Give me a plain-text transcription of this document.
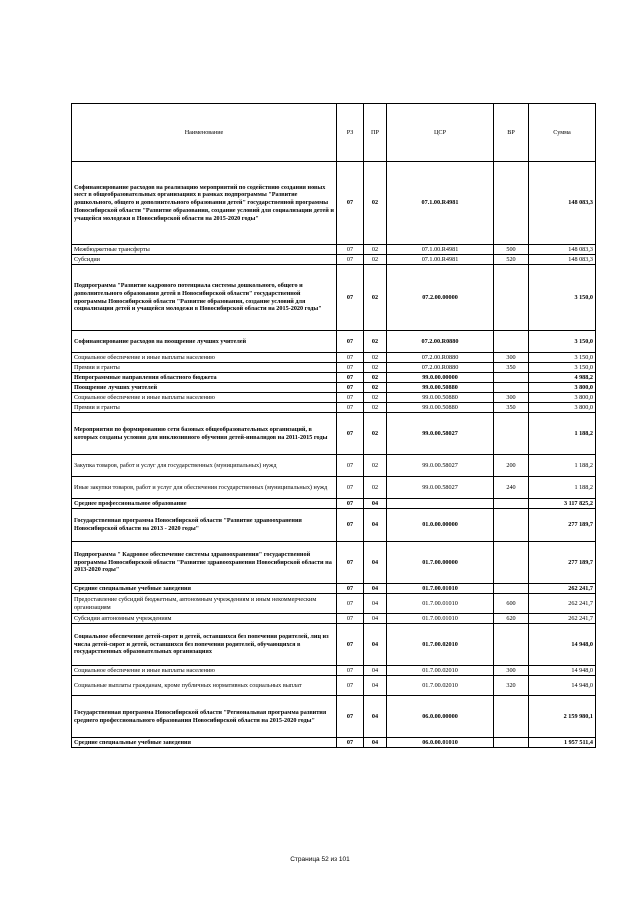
Наименование	РЗ	ПР	ЦСР	ВР	Сумма
Софинансирование расходов на реализацию мероприятий по содействию создания новых мест в общеобразовательных организациях в рамках подпрограммы "Развитие дошкольного, общего и дополнительного образования детей" государственной программы Новосибирской области "Развитие образования, создание условий для социализации детей и учащейся молодежи в Новосибирской области на 2015-2020 годы"	07	02	07.1.00.R4981		148 083,3
Межбюджетные трансферты	07	02	07.1.00.R4981	500	148 083,3
Субсидии	07	02	07.1.00.R4981	520	148 083,3
Подпрограмма "Развитие кадрового потенциала системы дошкольного, общего и дополнительного образования детей в Новосибирской области" государственной программы Новосибирской области "Развитие образования, создание условий для социализации детей и учащейся молодежи в Новосибирской области на 2015-2020 годы"	07	02	07.2.00.00000		3 150,0
Софинансирование расходов на поощрение лучших учителей	07	02	07.2.00.R0880		3 150,0
Социальное обеспечение и иные выплаты населению	07	02	07.2.00.R0880	300	3 150,0
Премии и гранты	07	02	07.2.00.R0880	350	3 150,0
Непрограммные направления областного бюджета	07	02	99.0.00.00000		4 988,2
Поощрение лучших учителей	07	02	99.0.00.50880		3 800,0
Социальное обеспечение и иные выплаты населению	07	02	99.0.00.50880	300	3 800,0
Премии и гранты	07	02	99.0.00.50880	350	3 800,0
Мероприятия по формированию сети базовых общеобразовательных организаций, в которых созданы условия для инклюзивного обучения детей-инвалидов на 2011-2015 годы	07	02	99.0.00.58027		1 188,2
Закупка товаров, работ и услуг для государственных (муниципальных) нужд	07	02	99.0.00.58027	200	1 188,2
Иные закупки товаров, работ и услуг для обеспечения государственных (муниципальных) нужд	07	02	99.0.00.58027	240	1 188,2
Среднее профессиональное образование	07	04			3 117 825,2
Государственная программа Новосибирской области "Развитие здравоохранения Новосибирской области на 2013 - 2020 годы"	07	04	01.0.00.00000		277 189,7
Подпрограмма " Кадровое обеспечение системы здравоохранения" государственной программы Новосибирской области "Развитие здравоохранения Новосибирской области на 2013-2020 годы"	07	04	01.7.00.00000		277 189,7
Средние специальные учебные заведения	07	04	01.7.00.01010		262 241,7
Предоставление субсидий бюджетным, автономным учреждениям и иным некоммерческим организациям	07	04	01.7.00.01010	600	262 241,7
Субсидии автономным учреждениям	07	04	01.7.00.01010	620	262 241,7
Социальное обеспечение детей-сирот и детей, оставшихся без попечения родителей, лиц из числа детей-сирот и детей, оставшихся без попечения родителей, обучающихся в государственных образовательных организациях	07	04	01.7.00.02010		14 948,0
Социальное обеспечение и иные выплаты населению	07	04	01.7.00.02010	300	14 948,0
Социальные выплаты гражданам, кроме публичных нормативных социальных выплат	07	04	01.7.00.02010	320	14 948,0
Государственная программа Новосибирской области "Региональная программа развития среднего профессионального образования Новосибирской области на 2015-2020 годы"	07	04	06.0.00.00000		2 159 980,1
Средние специальные учебные заведения	07	04	06.0.00.01010		1 957 511,4
Страница 52 из 101
